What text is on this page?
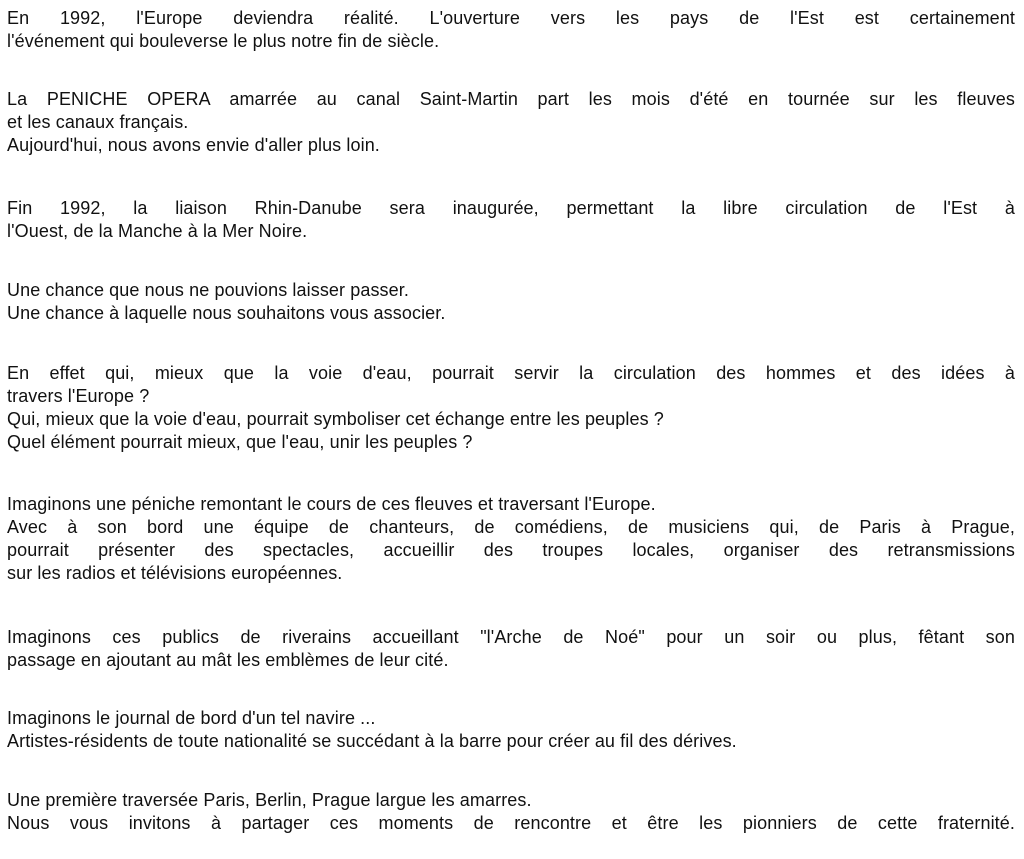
En 1992, l'Europe deviendra réalité. L'ouverture vers les pays de l'Est est certainement
l'événement qui bouleverse le plus notre fin de siècle.
La PENICHE OPERA amarrée au canal Saint-Martin part les mois d'été en tournée sur les fleuves
et les canaux français.
Aujourd'hui, nous avons envie d'aller plus loin.
Fin 1992, la liaison Rhin-Danube sera inaugurée, permettant la libre circulation de l'Est à
l'Ouest, de la Manche à la Mer Noire.
Une chance que nous ne pouvions laisser passer.
Une chance à laquelle nous souhaitons vous associer.
En effet qui, mieux que la voie d'eau, pourrait servir la circulation des hommes et des idées à
travers l'Europe ?
Qui, mieux que la voie d'eau, pourrait symboliser cet échange entre les peuples ?
Quel élément pourrait mieux, que l'eau, unir les peuples ?
Imaginons une péniche remontant le cours de ces fleuves et traversant l'Europe.
Avec à son bord une équipe de chanteurs, de comédiens, de musiciens qui, de Paris à Prague,
pourrait présenter des spectacles, accueillir des troupes locales, organiser des retransmissions
sur les radios et télévisions européennes.
Imaginons ces publics de riverains accueillant "l'Arche de Noé" pour un soir ou plus, fêtant son
passage en ajoutant au mât les emblèmes de leur cité.
Imaginons le journal de bord d'un tel navire ...
Artistes-résidents de toute nationalité se succédant à la barre pour créer au fil des dérives.
Une première traversée Paris, Berlin, Prague largue les amarres.
Nous vous invitons à partager ces moments de rencontre et être les pionniers de cette fraternité.
